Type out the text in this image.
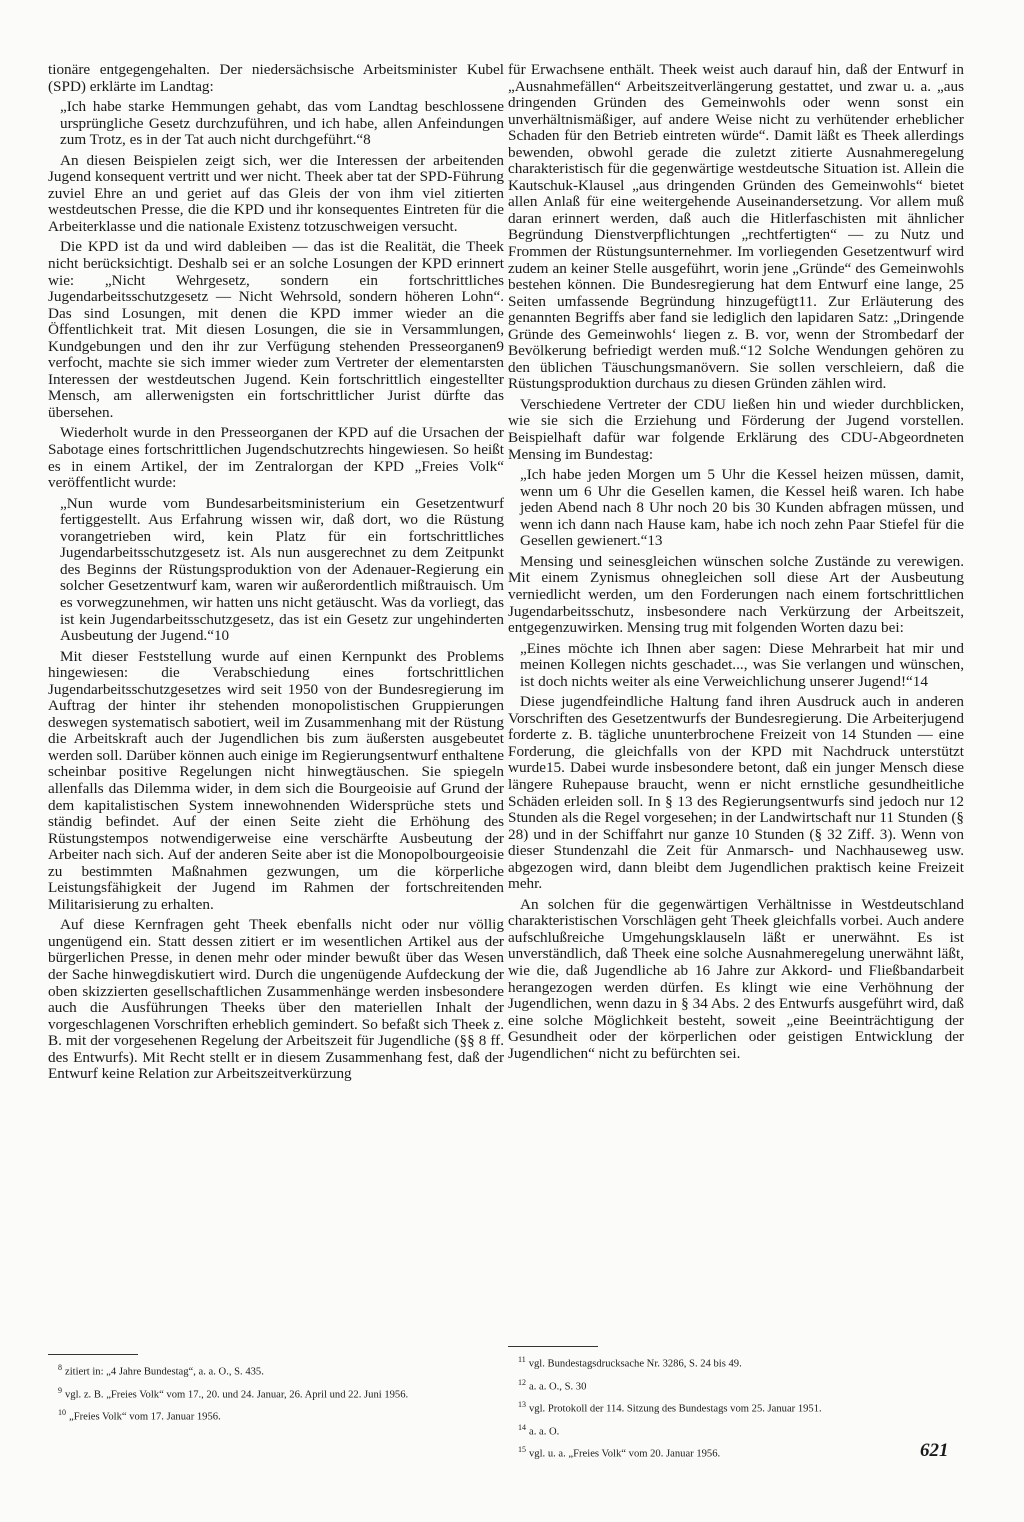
tionäre entgegengehalten. Der niedersächsische Arbeitsminister Kubel (SPD) erklärte im Landtag:

„Ich habe starke Hemmungen gehabt, das vom Landtag beschlossene ursprüngliche Gesetz durchzuführen, und ich habe, allen Anfeindungen zum Trotz, es in der Tat auch nicht durchgeführt.“8

An diesen Beispielen zeigt sich, wer die Interessen der arbeitenden Jugend konsequent vertritt und wer nicht. Theek aber tat der SPD-Führung zuviel Ehre an und geriet auf das Gleis der von ihm viel zitierten westdeutschen Presse, die die KPD und ihr konsequentes Eintreten für die Arbeiterklasse und die nationale Existenz totzuschweigen versucht.

Die KPD ist da und wird dableiben — das ist die Realität, die Theek nicht berücksichtigt. Deshalb sei er an solche Losungen der KPD erinnert wie: „Nicht Wehrgesetz, sondern ein fortschrittliches Jugendarbeitsschutzgesetz — Nicht Wehrsold, sondern höheren Lohn“. Das sind Losungen, mit denen die KPD immer wieder an die Öffentlichkeit trat. Mit diesen Losungen, die sie in Versammlungen, Kundgebungen und den ihr zur Verfügung stehenden Presseorganen9 verfocht, machte sie sich immer wieder zum Vertreter der elementarsten Interessen der westdeutschen Jugend. Kein fortschrittlich eingestellter Mensch, am allerwenigsten ein fortschrittlicher Jurist dürfte das übersehen.

Wiederholt wurde in den Presseorganen der KPD auf die Ursachen der Sabotage eines fortschrittlichen Jugendschutzrechts hingewiesen. So heißt es in einem Artikel, der im Zentralorgan der KPD „Freies Volk“ veröffentlicht wurde:

„Nun wurde vom Bundesarbeitsministerium ein Gesetzentwurf fertiggestellt. Aus Erfahrung wissen wir, daß dort, wo die Rüstung vorangetrieben wird, kein Platz für ein fortschrittliches Jugendarbeitsschutzgesetz ist. Als nun ausgerechnet zu dem Zeitpunkt des Beginns der Rüstungsproduktion von der Adenauer-Regierung ein solcher Gesetzentwurf kam, waren wir außerordentlich mißtrauisch. Um es vorwegzunehmen, wir hatten uns nicht getäuscht. Was da vorliegt, das ist kein Jugendarbeitsschutzgesetz, das ist ein Gesetz zur ungehinderten Ausbeutung der Jugend.“10

Mit dieser Feststellung wurde auf einen Kernpunkt des Problems hingewiesen: die Verabschiedung eines fortschrittlichen Jugendarbeitsschutzgesetzes wird seit 1950 von der Bundesregierung im Auftrag der hinter ihr stehenden monopolistischen Gruppierungen deswegen systematisch sabotiert, weil im Zusammenhang mit der Rüstung die Arbeitskraft auch der Jugendlichen bis zum äußersten ausgebeutet werden soll. Darüber können auch einige im Regierungsentwurf enthaltene scheinbar positive Regelungen nicht hinwegtäuschen. Sie spiegeln allenfalls das Dilemma wider, in dem sich die Bourgeoisie auf Grund der dem kapitalistischen System innewohnenden Widersprüche stets und ständig befindet. Auf der einen Seite zieht die Erhöhung des Rüstungstempos notwendigerweise eine verschärfte Ausbeutung der Arbeiter nach sich. Auf der anderen Seite aber ist die Monopolbourgeoisie zu bestimmten Maßnahmen gezwungen, um die körperliche Leistungsfähigkeit der Jugend im Rahmen der fortschreitenden Militarisierung zu erhalten.

Auf diese Kernfragen geht Theek ebenfalls nicht oder nur völlig ungenügend ein. Statt dessen zitiert er im wesentlichen Artikel aus der bürgerlichen Presse, in denen mehr oder minder bewußt über das Wesen der Sache hinwegdiskutiert wird. Durch die ungenügende Aufdeckung der oben skizzierten gesellschaftlichen Zusammenhänge werden insbesondere auch die Ausführungen Theeks über den materiellen Inhalt der vorgeschlagenen Vorschriften erheblich gemindert. So befaßt sich Theek z. B. mit der vorgesehenen Regelung der Arbeitszeit für Jugendliche (§§ 8 ff. des Entwurfs). Mit Recht stellt er in diesem Zusammenhang fest, daß der Entwurf keine Relation zur Arbeitszeitverkürzung

$^8$ zitiert in: „4 Jahre Bundestag“, a. a. O., S. 435.
$^9$ vgl. z. B. „Freies Volk“ vom 17., 20. und 24. Januar, 26. April und 22. Juni 1956.
$^{10}$ „Freies Volk“ vom 17. Januar 1956.

für Erwachsene enthält. Theek weist auch darauf hin, daß der Entwurf in „Ausnahmefällen“ Arbeitszeitverlängerung gestattet, und zwar u. a. „aus dringenden Gründen des Gemeinwohls oder wenn sonst ein unverhältnismäßiger, auf andere Weise nicht zu verhütender erheblicher Schaden für den Betrieb eintreten würde“. Damit läßt es Theek allerdings bewenden, obwohl gerade die zuletzt zitierte Ausnahmeregelung charakteristisch für die gegenwärtige westdeutsche Situation ist. Allein die Kautschuk-Klausel „aus dringenden Gründen des Gemeinwohls“ bietet allen Anlaß für eine weitergehende Auseinandersetzung. Vor allem muß daran erinnert werden, daß auch die Hitlerfaschisten mit ähnlicher Begründung Dienstverpflichtungen „rechtfertigten“ — zu Nutz und Frommen der Rüstungsunternehmer. Im vorliegenden Gesetzentwurf wird zudem an keiner Stelle ausgeführt, worin jene „Gründe“ des Gemeinwohls bestehen können. Die Bundesregierung hat dem Entwurf eine lange, 25 Seiten umfassende Begründung hinzugefügt11. Zur Erläuterung des genannten Begriffs aber fand sie lediglich den lapidaren Satz: „Dringende Gründe des Gemeinwohls‘ liegen z. B. vor, wenn der Strombedarf der Bevölkerung befriedigt werden muß.“12 Solche Wendungen gehören zu den üblichen Täuschungsmanövern. Sie sollen verschleiern, daß die Rüstungsproduktion durchaus zu diesen Gründen zählen wird.

Verschiedene Vertreter der CDU ließen hin und wieder durchblicken, wie sie sich die Erziehung und Förderung der Jugend vorstellen. Beispielhaft dafür war folgende Erklärung des CDU-Abgeordneten Mensing im Bundestag:

„Ich habe jeden Morgen um 5 Uhr die Kessel heizen müssen, damit, wenn um 6 Uhr die Gesellen kamen, die Kessel heiß waren. Ich habe jeden Abend nach 8 Uhr noch 20 bis 30 Kunden abfragen müssen, und wenn ich dann nach Hause kam, habe ich noch zehn Paar Stiefel für die Gesellen gewienert.“13

Mensing und seinesgleichen wünschen solche Zustände zu verewigen. Mit einem Zynismus ohnegleichen soll diese Art der Ausbeutung verniedlicht werden, um den Forderungen nach einem fortschrittlichen Jugendarbeitsschutz, insbesondere nach Verkürzung der Arbeitszeit, entgegenzuwirken. Mensing trug mit folgenden Worten dazu bei:

„Eines möchte ich Ihnen aber sagen: Diese Mehrarbeit hat mir und meinen Kollegen nichts geschadet..., was Sie verlangen und wünschen, ist doch nichts weiter als eine Verweichlichung unserer Jugend!“14

Diese jugendfeindliche Haltung fand ihren Ausdruck auch in anderen Vorschriften des Gesetzentwurfs der Bundesregierung. Die Arbeiterjugend forderte z. B. tägliche ununterbrochene Freizeit von 14 Stunden — eine Forderung, die gleichfalls von der KPD mit Nachdruck unterstützt wurde15. Dabei wurde insbesondere betont, daß ein junger Mensch diese längere Ruhepause braucht, wenn er nicht ernstliche gesundheitliche Schäden erleiden soll. In § 13 des Regierungsentwurfs sind jedoch nur 12 Stunden als die Regel vorgesehen; in der Landwirtschaft nur 11 Stunden (§ 28) und in der Schiffahrt nur ganze 10 Stunden (§ 32 Ziff. 3). Wenn von dieser Stundenzahl die Zeit für Anmarsch- und Nachhauseweg usw. abgezogen wird, dann bleibt dem Jugendlichen praktisch keine Freizeit mehr.

An solchen für die gegenwärtigen Verhältnisse in Westdeutschland charakteristischen Vorschlägen geht Theek gleichfalls vorbei. Auch andere aufschlußreiche Umgehungsklauseln läßt er unerwähnt. Es ist unverständlich, daß Theek eine solche Ausnahmeregelung unerwähnt läßt, wie die, daß Jugendliche ab 16 Jahre zur Akkord- und Fließbandarbeit herangezogen werden dürfen. Es klingt wie eine Verhöhnung der Jugendlichen, wenn dazu in § 34 Abs. 2 des Entwurfs ausgeführt wird, daß eine solche Möglichkeit besteht, soweit „eine Beeinträchtigung der Gesundheit oder der körperlichen oder geistigen Entwicklung der Jugendlichen“ nicht zu befürchten sei.

$^{11}$ vgl. Bundestagsdrucksache Nr. 3286, S. 24 bis 49.
$^{12}$ a. a. O., S. 30
$^{13}$ vgl. Protokoll der 114. Sitzung des Bundestags vom 25. Januar 1951.
$^{14}$ a. a. O.
$^{15}$ vgl. u. a. „Freies Volk“ vom 20. Januar 1956.	621
